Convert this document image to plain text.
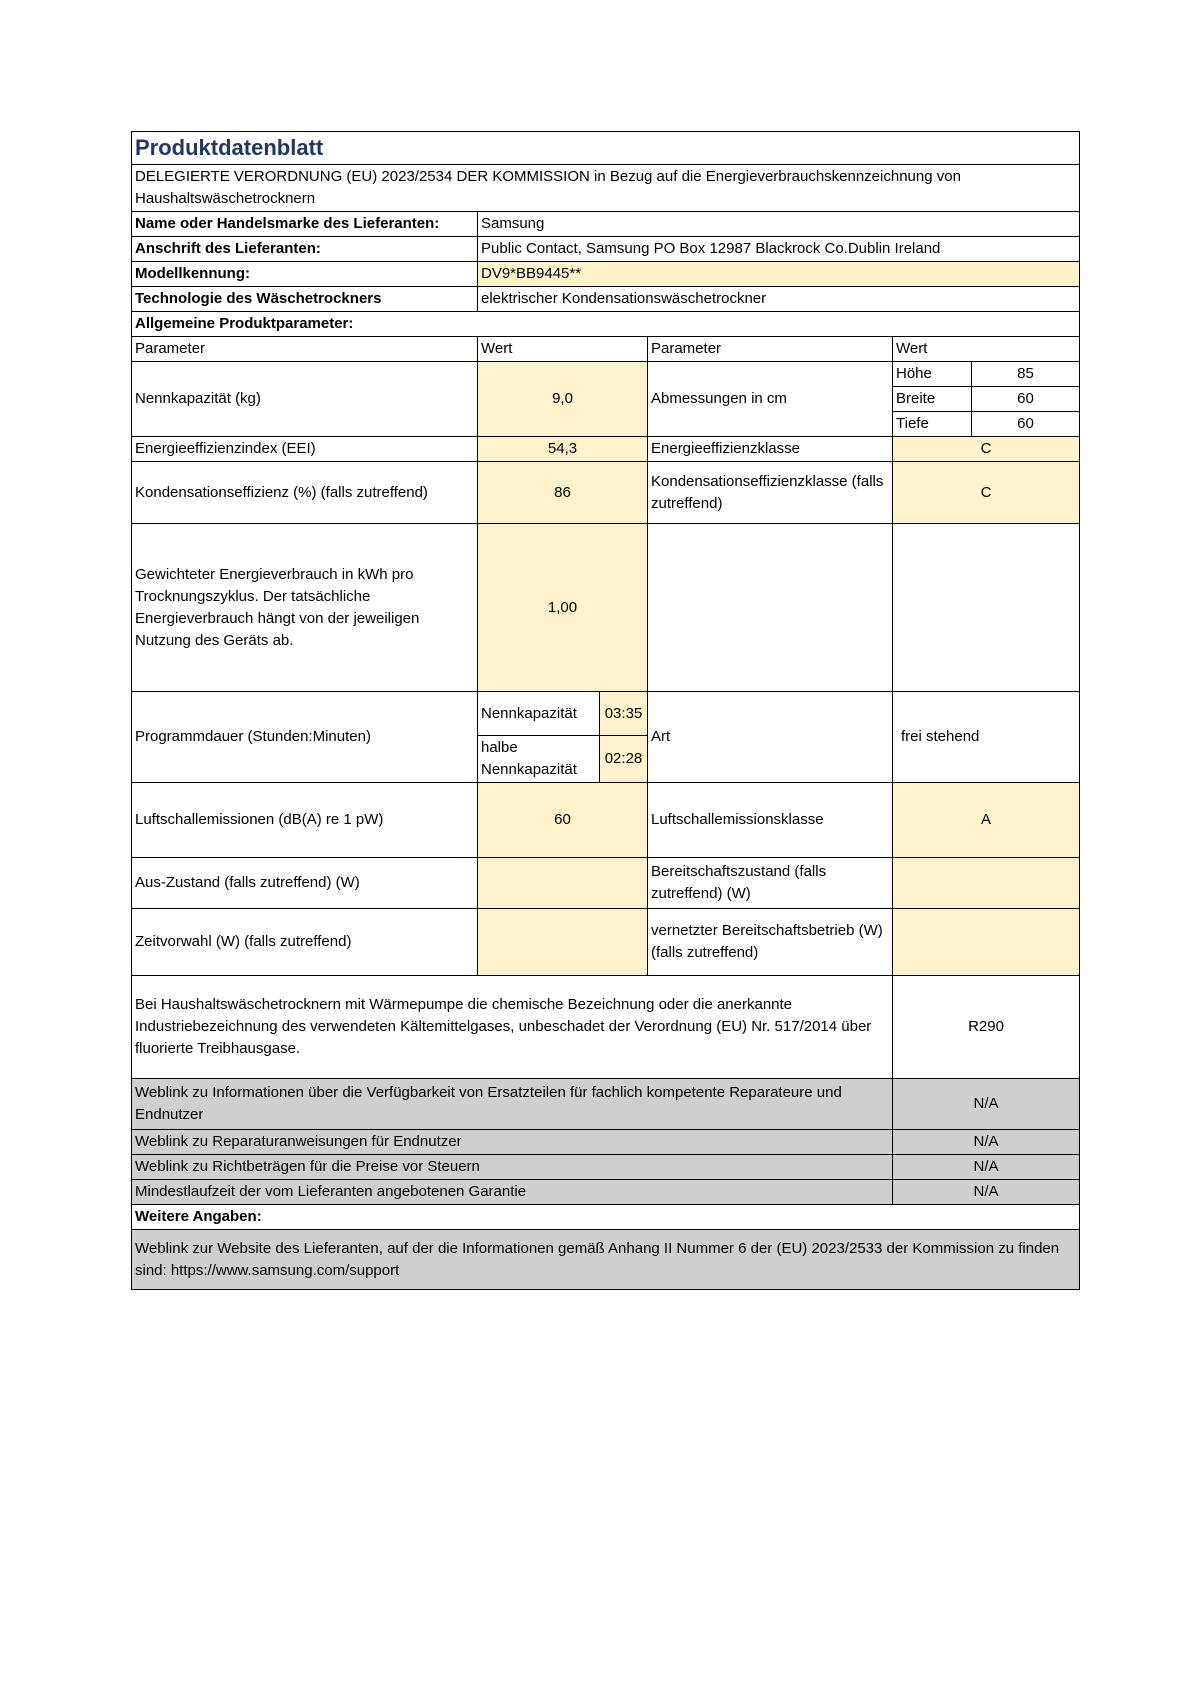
Produktdatenblatt					
DELEGIERTE VERORDNUNG (EU) 2023/2534 DER KOMMISSION in Bezug auf die Energieverbrauchskennzeichnung von Haushaltswäschetrocknern					
Name oder Handelsmarke des Lieferanten:	Samsung				
Anschrift des Lieferanten:	Public Contact, Samsung PO Box 12987 Blackrock Co.Dublin Ireland				
Modellkennung:	DV9*BB9445**				
Technologie des Wäschetrockners	elektrischer Kondensationswäschetrockner				
Allgemeine Produktparameter:					
Parameter	Wert		Parameter	Wert	
Nennkapazität (kg)	9,0		Abmessungen in cm	Höhe	85
				Breite	60
				Tiefe	60
Energieeffizienzindex (EEI)	54,3		Energieeffizienzklasse	C	
Kondensationseffizienz (%) (falls zutreffend)	86		Kondensationseffizienzklasse (falls zutreffend)	C	
Gewichteter Energieverbrauch in kWh pro Trocknungszyklus. Der tatsächliche Energieverbrauch hängt von der jeweiligen Nutzung des Geräts ab.	1,00				
Programmdauer (Stunden:Minuten)	Nennkapazität	03:35	Art	frei stehend	
	halbe Nennkapazität	02:28			
Luftschallemissionen (dB(A) re 1 pW)	60		Luftschallemissionsklasse	A	
Aus-Zustand (falls zutreffend) (W)			Bereitschaftszustand (falls zutreffend) (W)		
Zeitvorwahl (W) (falls zutreffend)			vernetzter Bereitschaftsbetrieb (W) (falls zutreffend)		
Bei Haushaltswäschetrocknern mit Wärmepumpe die chemische Bezeichnung oder die anerkannte Industriebezeichnung des verwendeten Kältemittelgases, unbeschadet der Verordnung (EU) Nr. 517/2014 über fluorierte Treibhausgase.				R290	
Weblink zu Informationen über die Verfügbarkeit von Ersatzteilen für fachlich kompetente Reparateure und Endnutzer				N/A	
Weblink zu Reparaturanweisungen für Endnutzer				N/A	
Weblink zu Richtbeträgen für die Preise vor Steuern				N/A	
Mindestlaufzeit der vom Lieferanten angebotenen Garantie				N/A	
Weitere Angaben:					
Weblink zur Website des Lieferanten, auf der die Informationen gemäß Anhang II Nummer 6 der (EU) 2023/2533 der Kommission zu finden sind: https://www.samsung.com/support					
